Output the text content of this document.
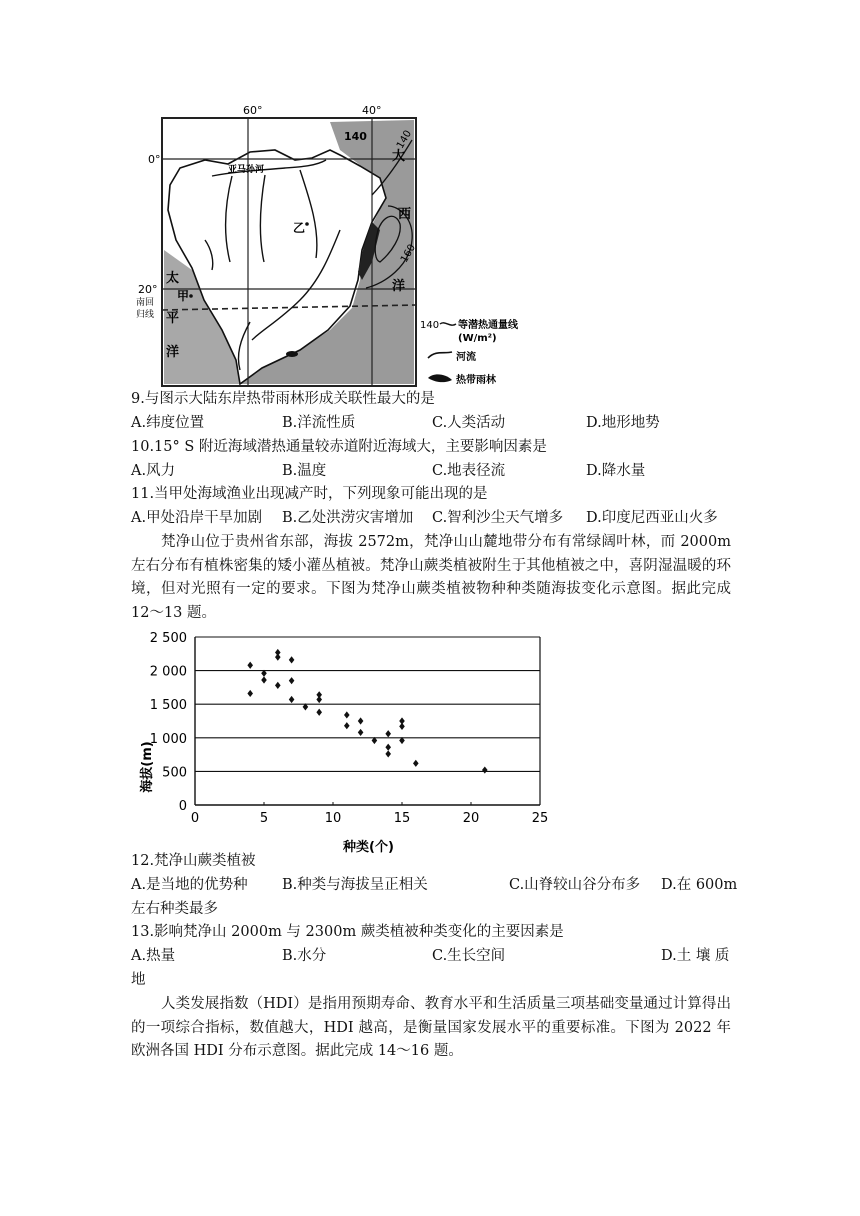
60°	40°
0°
20°
南回
归线
140	140
160
大
西
洋
太
平
洋
甲
乙
亚马孙河
140 等潜热通量线
(W/m²)
河流
热带雨林
9.与图示大陆东岸热带雨林形成关联性最大的是
A.纬度位置	B.洋流性质	C.人类活动	D.地形地势
10.15° S 附近海域潜热通量较赤道附近海域大，主要影响因素是
A.风力	B.温度	C.地表径流	D.降水量
11.当甲处海域渔业出现减产时，下列现象可能出现的是
A.甲处沿岸干旱加剧 B.乙处洪涝灾害增加 C.智利沙尘天气增多 D.印度尼西亚山火多
梵净山位于贵州省东部，海拔 2572m，梵净山山麓地带分布有常绿阔叶林，而 2000m 左右分布有植株密集的矮小灌丛植被。梵净山蕨类植被附生于其他植被之中，喜阴湿温暖的环境，但对光照有一定的要求。下图为梵净山蕨类植被物种种类随海拔变化示意图。据此完成 12～13 题。
0
500
1 000
1 500
2 000
2 500
0	5	10	15	20	25
种类(个)
海拔(m)
12.梵净山蕨类植被
A.是当地的优势种 B.种类与海拔呈正相关	C.山脊较山谷分布多 D.在 600m
左右种类最多
13.影响梵净山 2000m 与 2300m 蕨类植被种类变化的主要因素是
A.热量	B.水分	C.生长空间	D.土 壤 质
地
人类发展指数（HDI）是指用预期寿命、教育水平和生活质量三项基础变量通过计算得出的一项综合指标，数值越大，HDI 越高，是衡量国家发展水平的重要标准。下图为 2022 年欧洲各国 HDI 分布示意图。据此完成 14～16 题。
